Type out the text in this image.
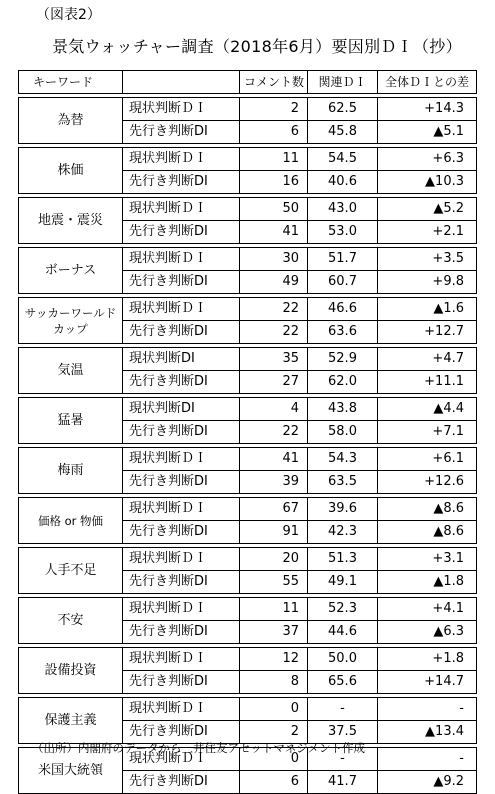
（図表2）
景気ウォッチャー調査（2018年6月）要因別ＤＩ（抄）
キーワード		コメント数	関連ＤＩ	全体ＤＩとの差

為替	現状判断ＤＩ	2	62.5	+14.3
	先行き判断DI	6	45.8	▲5.1

株価	現状判断ＤＩ	11	54.5	+6.3
	先行き判断DI	16	40.6	▲10.3

地震・震災	現状判断ＤＩ	50	43.0	▲5.2
	先行き判断DI	41	53.0	+2.1

ボーナス	現状判断ＤＩ	30	51.7	+3.5
	先行き判断DI	49	60.7	+9.8

サッカーワールドカップ	現状判断ＤＩ	22	46.6	▲1.6
	先行き判断DI	22	63.6	+12.7

気温	現状判断DI	35	52.9	+4.7
	先行き判断DI	27	62.0	+11.1

猛暑	現状判断DI	4	43.8	▲4.4
	先行き判断DI	22	58.0	+7.1

梅雨	現状判断ＤＩ	41	54.3	+6.1
	先行き判断DI	39	63.5	+12.6

価格 or 物価	現状判断ＤＩ	67	39.6	▲8.6
	先行き判断DI	91	42.3	▲8.6

人手不足	現状判断ＤＩ	20	51.3	+3.1
	先行き判断DI	55	49.1	▲1.8

不安	現状判断ＤＩ	11	52.3	+4.1
	先行き判断DI	37	44.6	▲6.3

設備投資	現状判断ＤＩ	12	50.0	+1.8
	先行き判断DI	8	65.6	+14.7

保護主義	現状判断ＤＩ	0	-	-
	先行き判断DI	2	37.5	▲13.4

米国大統領	現状判断ＤＩ	0	-	-
	先行き判断DI	6	41.7	▲9.2
（出所）内閣府のデータから三井住友アセットマネジメント作成
